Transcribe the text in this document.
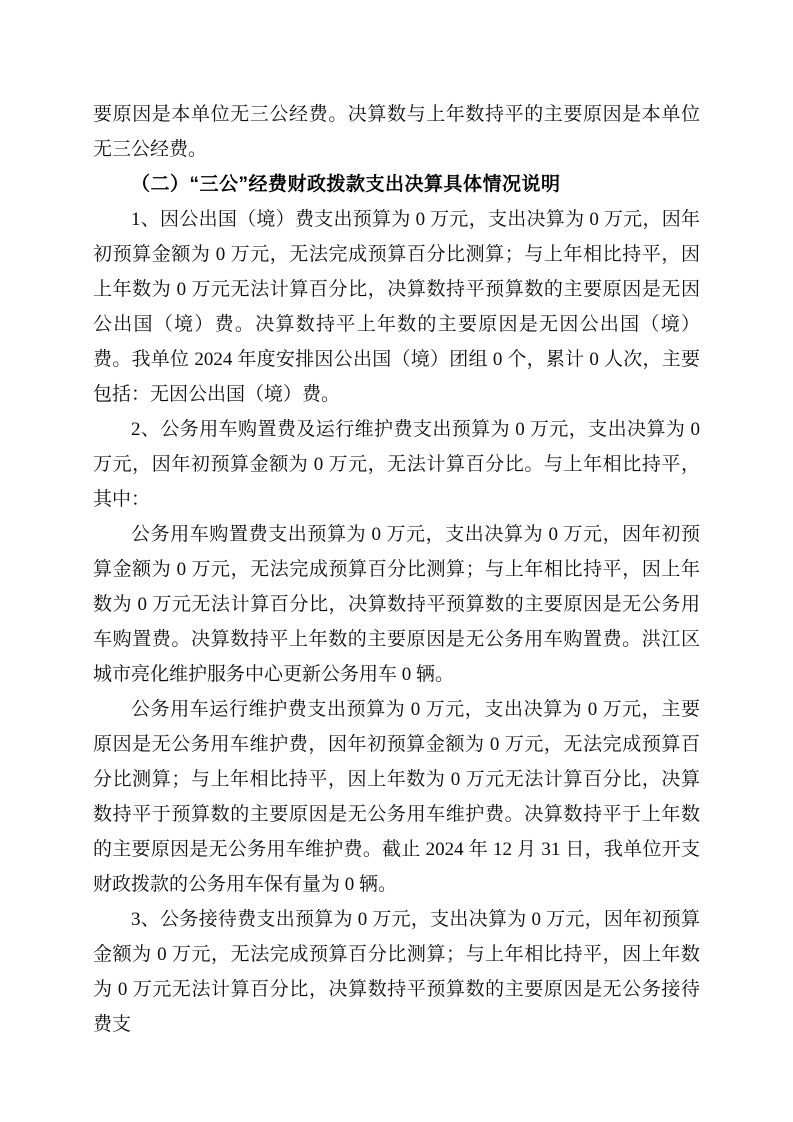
要原因是本单位无三公经费。决算数与上年数持平的主要原因是本单位无三公经费。

（二）“三公”经费财政拨款支出决算具体情况说明

1、因公出国（境）费支出预算为 0 万元，支出决算为 0 万元，因年初预算金额为 0 万元，无法完成预算百分比测算；与上年相比持平，因上年数为 0 万元无法计算百分比，决算数持平预算数的主要原因是无因公出国（境）费。决算数持平上年数的主要原因是无因公出国（境）费。我单位 2024 年度安排因公出国（境）团组 0 个，累计 0 人次，主要包括：无因公出国（境）费。

2、公务用车购置费及运行维护费支出预算为 0 万元，支出决算为 0 万元，因年初预算金额为 0 万元，无法计算百分比。与上年相比持平，其中：

公务用车购置费支出预算为 0 万元，支出决算为 0 万元，因年初预算金额为 0 万元，无法完成预算百分比测算；与上年相比持平，因上年数为 0 万元无法计算百分比，决算数持平预算数的主要原因是无公务用车购置费。决算数持平上年数的主要原因是无公务用车购置费。洪江区城市亮化维护服务中心更新公务用车 0 辆。

公务用车运行维护费支出预算为 0 万元，支出决算为 0 万元，主要原因是无公务用车维护费，因年初预算金额为 0 万元，无法完成预算百分比测算；与上年相比持平，因上年数为 0 万元无法计算百分比，决算数持平于预算数的主要原因是无公务用车维护费。决算数持平于上年数的主要原因是无公务用车维护费。截止 2024 年 12 月 31 日，我单位开支财政拨款的公务用车保有量为 0 辆。

3、公务接待费支出预算为 0 万元，支出决算为 0 万元，因年初预算金额为 0 万元，无法完成预算百分比测算；与上年相比持平，因上年数为 0 万元无法计算百分比，决算数持平预算数的主要原因是无公务接待费支
